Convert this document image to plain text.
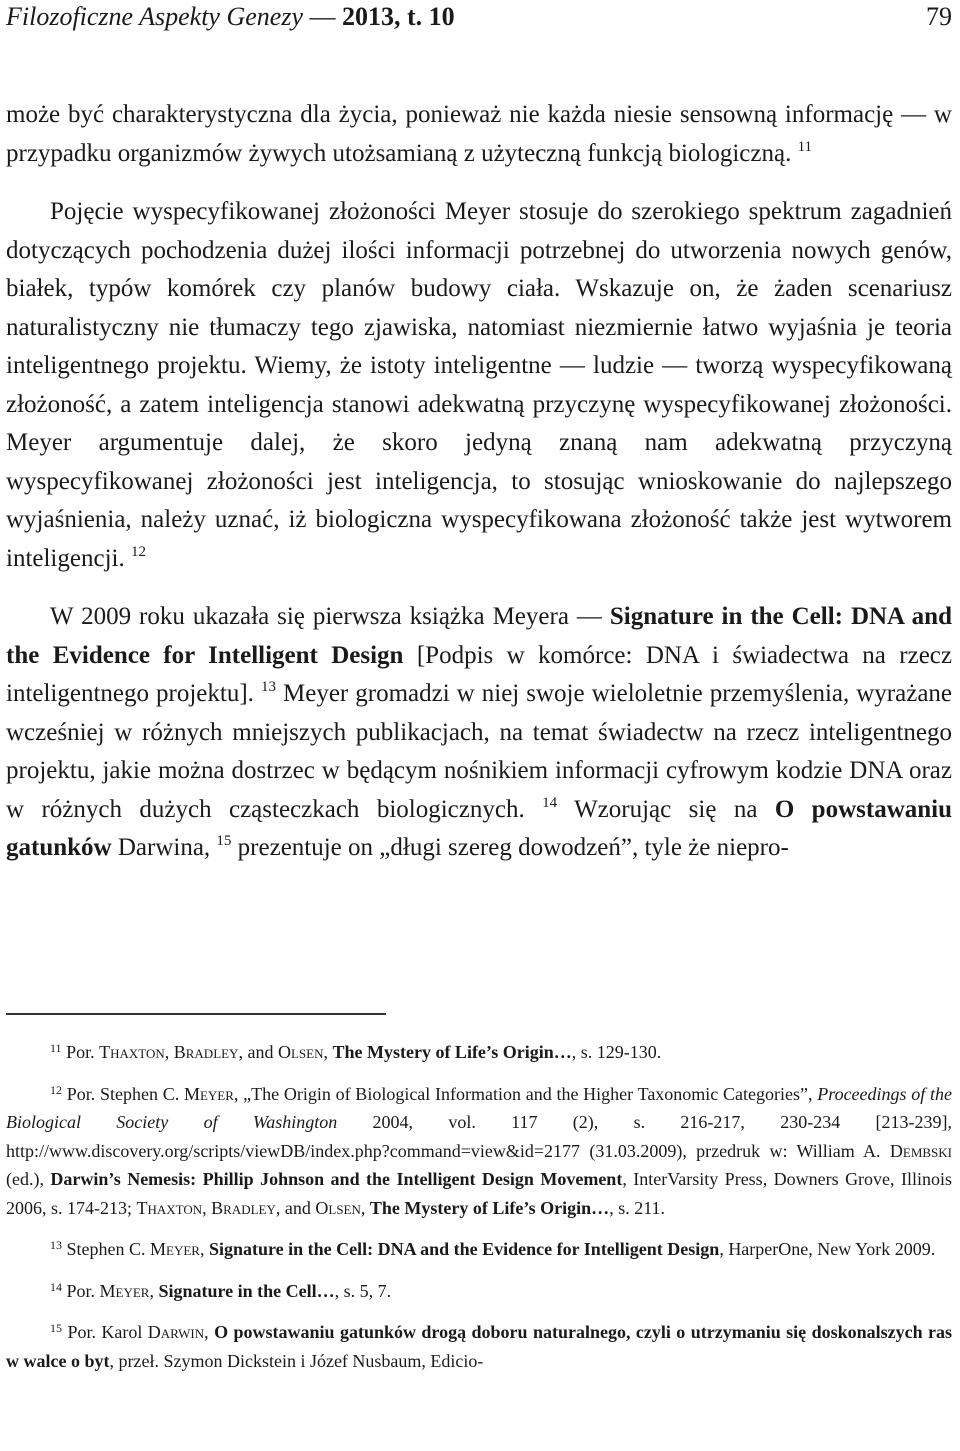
Filozoficzne Aspekty Genezy — 2013, t. 10	79

może być charakterystyczna dla życia, ponieważ nie każda niesie sensowną informację — w przypadku organizmów żywych utożsamianą z użyteczną funkcją biologiczną. $^{11}$

Pojęcie wyspecyfikowanej złożoności Meyer stosuje do szerokiego spektrum zagadnień dotyczących pochodzenia dużej ilości informacji potrzebnej do utworzenia nowych genów, białek, typów komórek czy planów budowy ciała. Wskazuje on, że żaden scenariusz naturalistyczny nie tłumaczy tego zjawiska, natomiast niezmiernie łatwo wyjaśnia je teoria inteligentnego projektu. Wiemy, że istoty inteligentne — ludzie — tworzą wyspecyfikowaną złożoność, a zatem inteligencja stanowi adekwatną przyczynę wyspecyfikowanej złożoności. Meyer argumentuje dalej, że skoro jedyną znaną nam adekwatną przyczyną wyspecyfikowanej złożoności jest inteligencja, to stosując wnioskowanie do najlepszego wyjaśnienia, należy uznać, iż biologiczna wyspecyfikowana złożoność także jest wytworem inteligencji. $^{12}$

W 2009 roku ukazała się pierwsza książka Meyera — Signature in the Cell: DNA and the Evidence for Intelligent Design [Podpis w komórce: DNA i świadectwa na rzecz inteligentnego projektu]. $^{13}$ Meyer gromadzi w niej swoje wieloletnie przemyślenia, wyrażane wcześniej w różnych mniejszych publikacjach, na temat świadectw na rzecz inteligentnego projektu, jakie można dostrzec w będącym nośnikiem informacji cyfrowym kodzie DNA oraz w różnych dużych cząsteczkach biologicznych. $^{14}$ Wzorując się na O powstawaniu gatunków Darwina, $^{15}$ prezentuje on „długi szereg dowodzeń”, tyle że niepro-

$^{11}$ Por. Thaxton, Bradley, and Olsen, The Mystery of Life’s Origin…, s. 129-130.

$^{12}$ Por. Stephen C. Meyer, „The Origin of Biological Information and the Higher Taxonomic Categories”, Proceedings of the Biological Society of Washington 2004, vol. 117 (2), s. 216-217, 230-234 [213-239], http://www.discovery.org/scripts/viewDB/index.php?command=view&id=2177 (31.03.2009), przedruk w: William A. Dembski (ed.), Darwin’s Nemesis: Phillip Johnson and the Intelligent Design Movement, InterVarsity Press, Downers Grove, Illinois 2006, s. 174-213; Thaxton, Bradley, and Olsen, The Mystery of Life’s Origin…, s. 211.

$^{13}$ Stephen C. Meyer, Signature in the Cell: DNA and the Evidence for Intelligent Design, HarperOne, New York 2009.

$^{14}$ Por. Meyer, Signature in the Cell…, s. 5, 7.

$^{15}$ Por. Karol Darwin, O powstawaniu gatunków drogą doboru naturalnego, czyli o utrzymaniu się doskonalszych ras w walce o byt, przeł. Szymon Dickstein i Józef Nusbaum, Edicio-
